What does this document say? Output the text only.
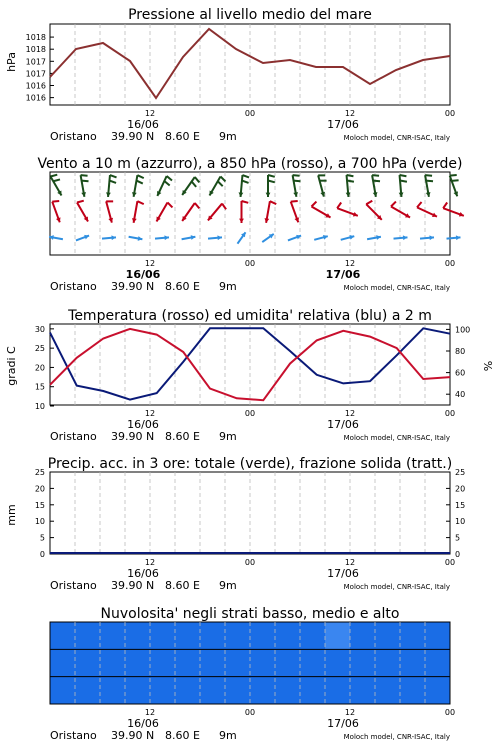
Pressione al livello medio del mare
Vento a 10 m (azzurro), a 850 hPa (rosso), a 700 hPa (verde)
Temperatura (rosso) ed umidita' relativa (blu) a 2 m
Precip. acc. in 3 ore: totale (verde), frazione solida (tratt.)
Nuvolosita' negli strati basso, medio e alto
hPa
gradi C	%
mm
12	00	12	00
16/06	17/06
Oristano 39.90 N 8.60 E 9m	Moloch model, CNR-ISAC, Italy
1016
1016
1017
1017
1018
1018
12	00	12	00
16/06	17/06
Oristano 39.90 N 8.60 E 9m	Moloch model, CNR-ISAC, Italy
12	00	12	00
16/06	17/06
Oristano 39.90 N 8.60 E 9m	Moloch model, CNR-ISAC, Italy
10
15
20
25
30
40
60
80
100
12	00	12	00
16/06	17/06
Oristano 39.90 N 8.60 E 9m	Moloch model, CNR-ISAC, Italy
0	0
5	5
10	10
15	15
20	20
25	25
12	00	12	00
16/06	17/06
Oristano 39.90 N 8.60 E 9m	Moloch model, CNR-ISAC, Italy
